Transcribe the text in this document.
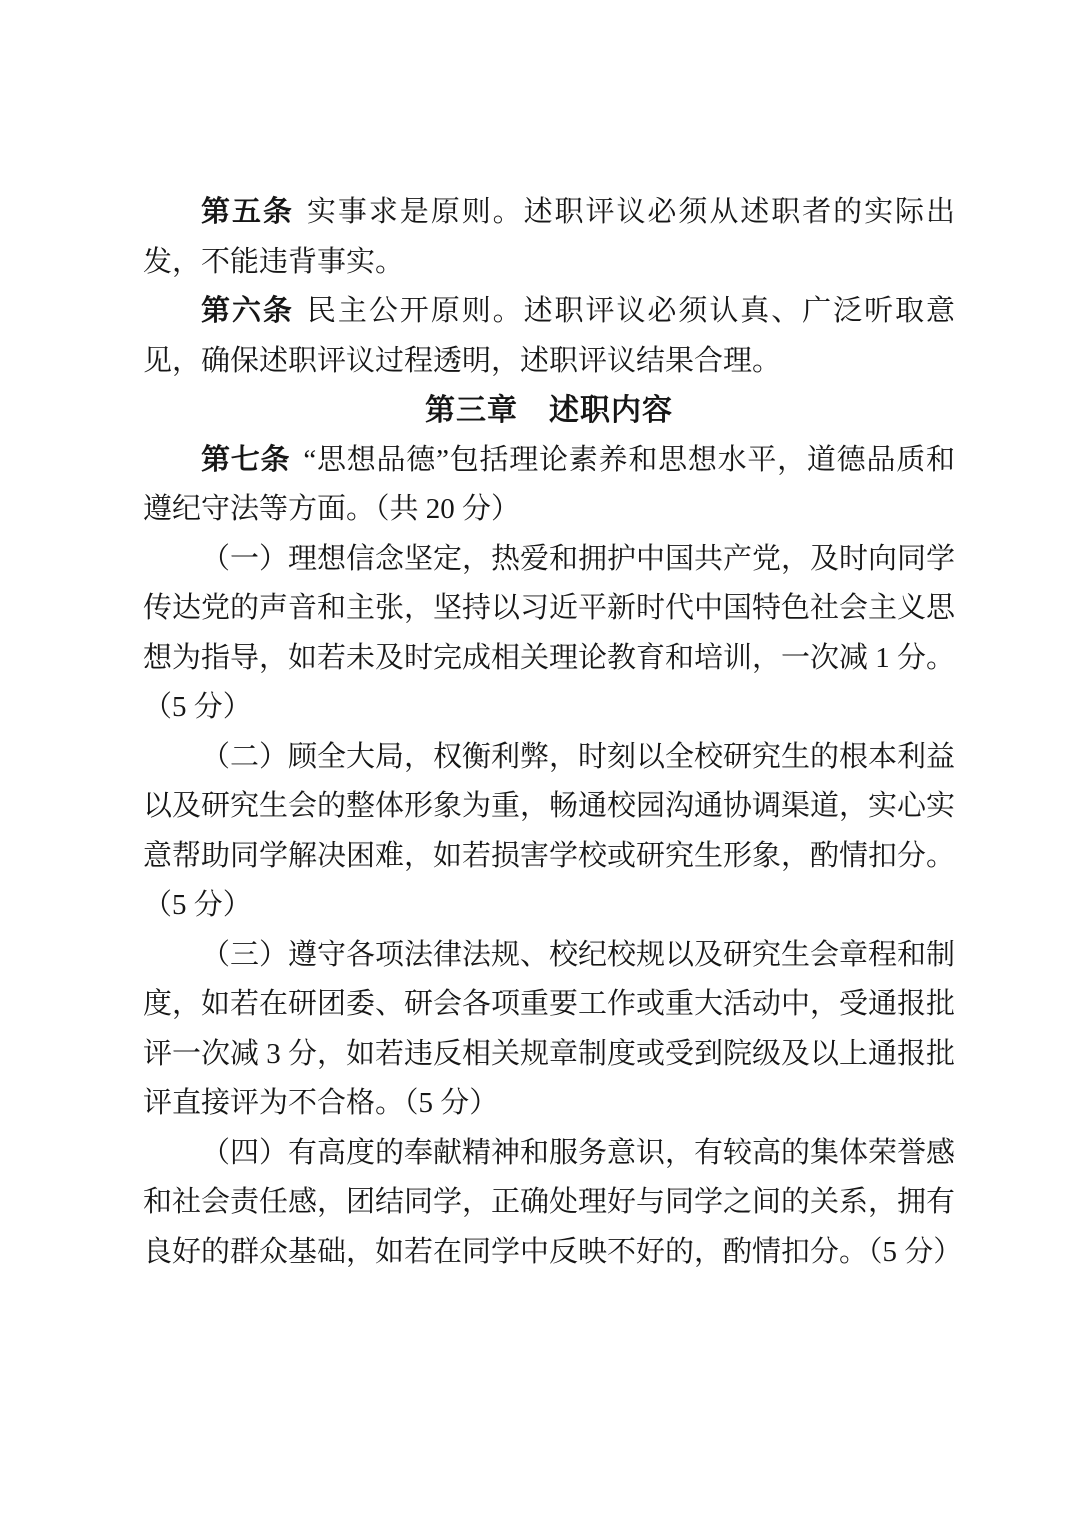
第五条 实事求是原则。述职评议必须从述职者的实际出发，不能违背事实。

第六条 民主公开原则。述职评议必须认真、广泛听取意见，确保述职评议过程透明，述职评议结果合理。

第三章　述职内容

第七条 “思想品德”包括理论素养和思想水平，道德品质和遵纪守法等方面。（共 20 分）

（一）理想信念坚定，热爱和拥护中国共产党，及时向同学传达党的声音和主张，坚持以习近平新时代中国特色社会主义思想为指导，如若未及时完成相关理论教育和培训，一次减 1 分。（5 分）

（二）顾全大局，权衡利弊，时刻以全校研究生的根本利益以及研究生会的整体形象为重，畅通校园沟通协调渠道，实心实意帮助同学解决困难，如若损害学校或研究生形象，酌情扣分。（5 分）

（三）遵守各项法律法规、校纪校规以及研究生会章程和制度，如若在研团委、研会各项重要工作或重大活动中，受通报批评一次减 3 分，如若违反相关规章制度或受到院级及以上通报批评直接评为不合格。（5 分）

（四）有高度的奉献精神和服务意识，有较高的集体荣誉感和社会责任感，团结同学，正确处理好与同学之间的关系，拥有良好的群众基础，如若在同学中反映不好的，酌情扣分。（5 分）
